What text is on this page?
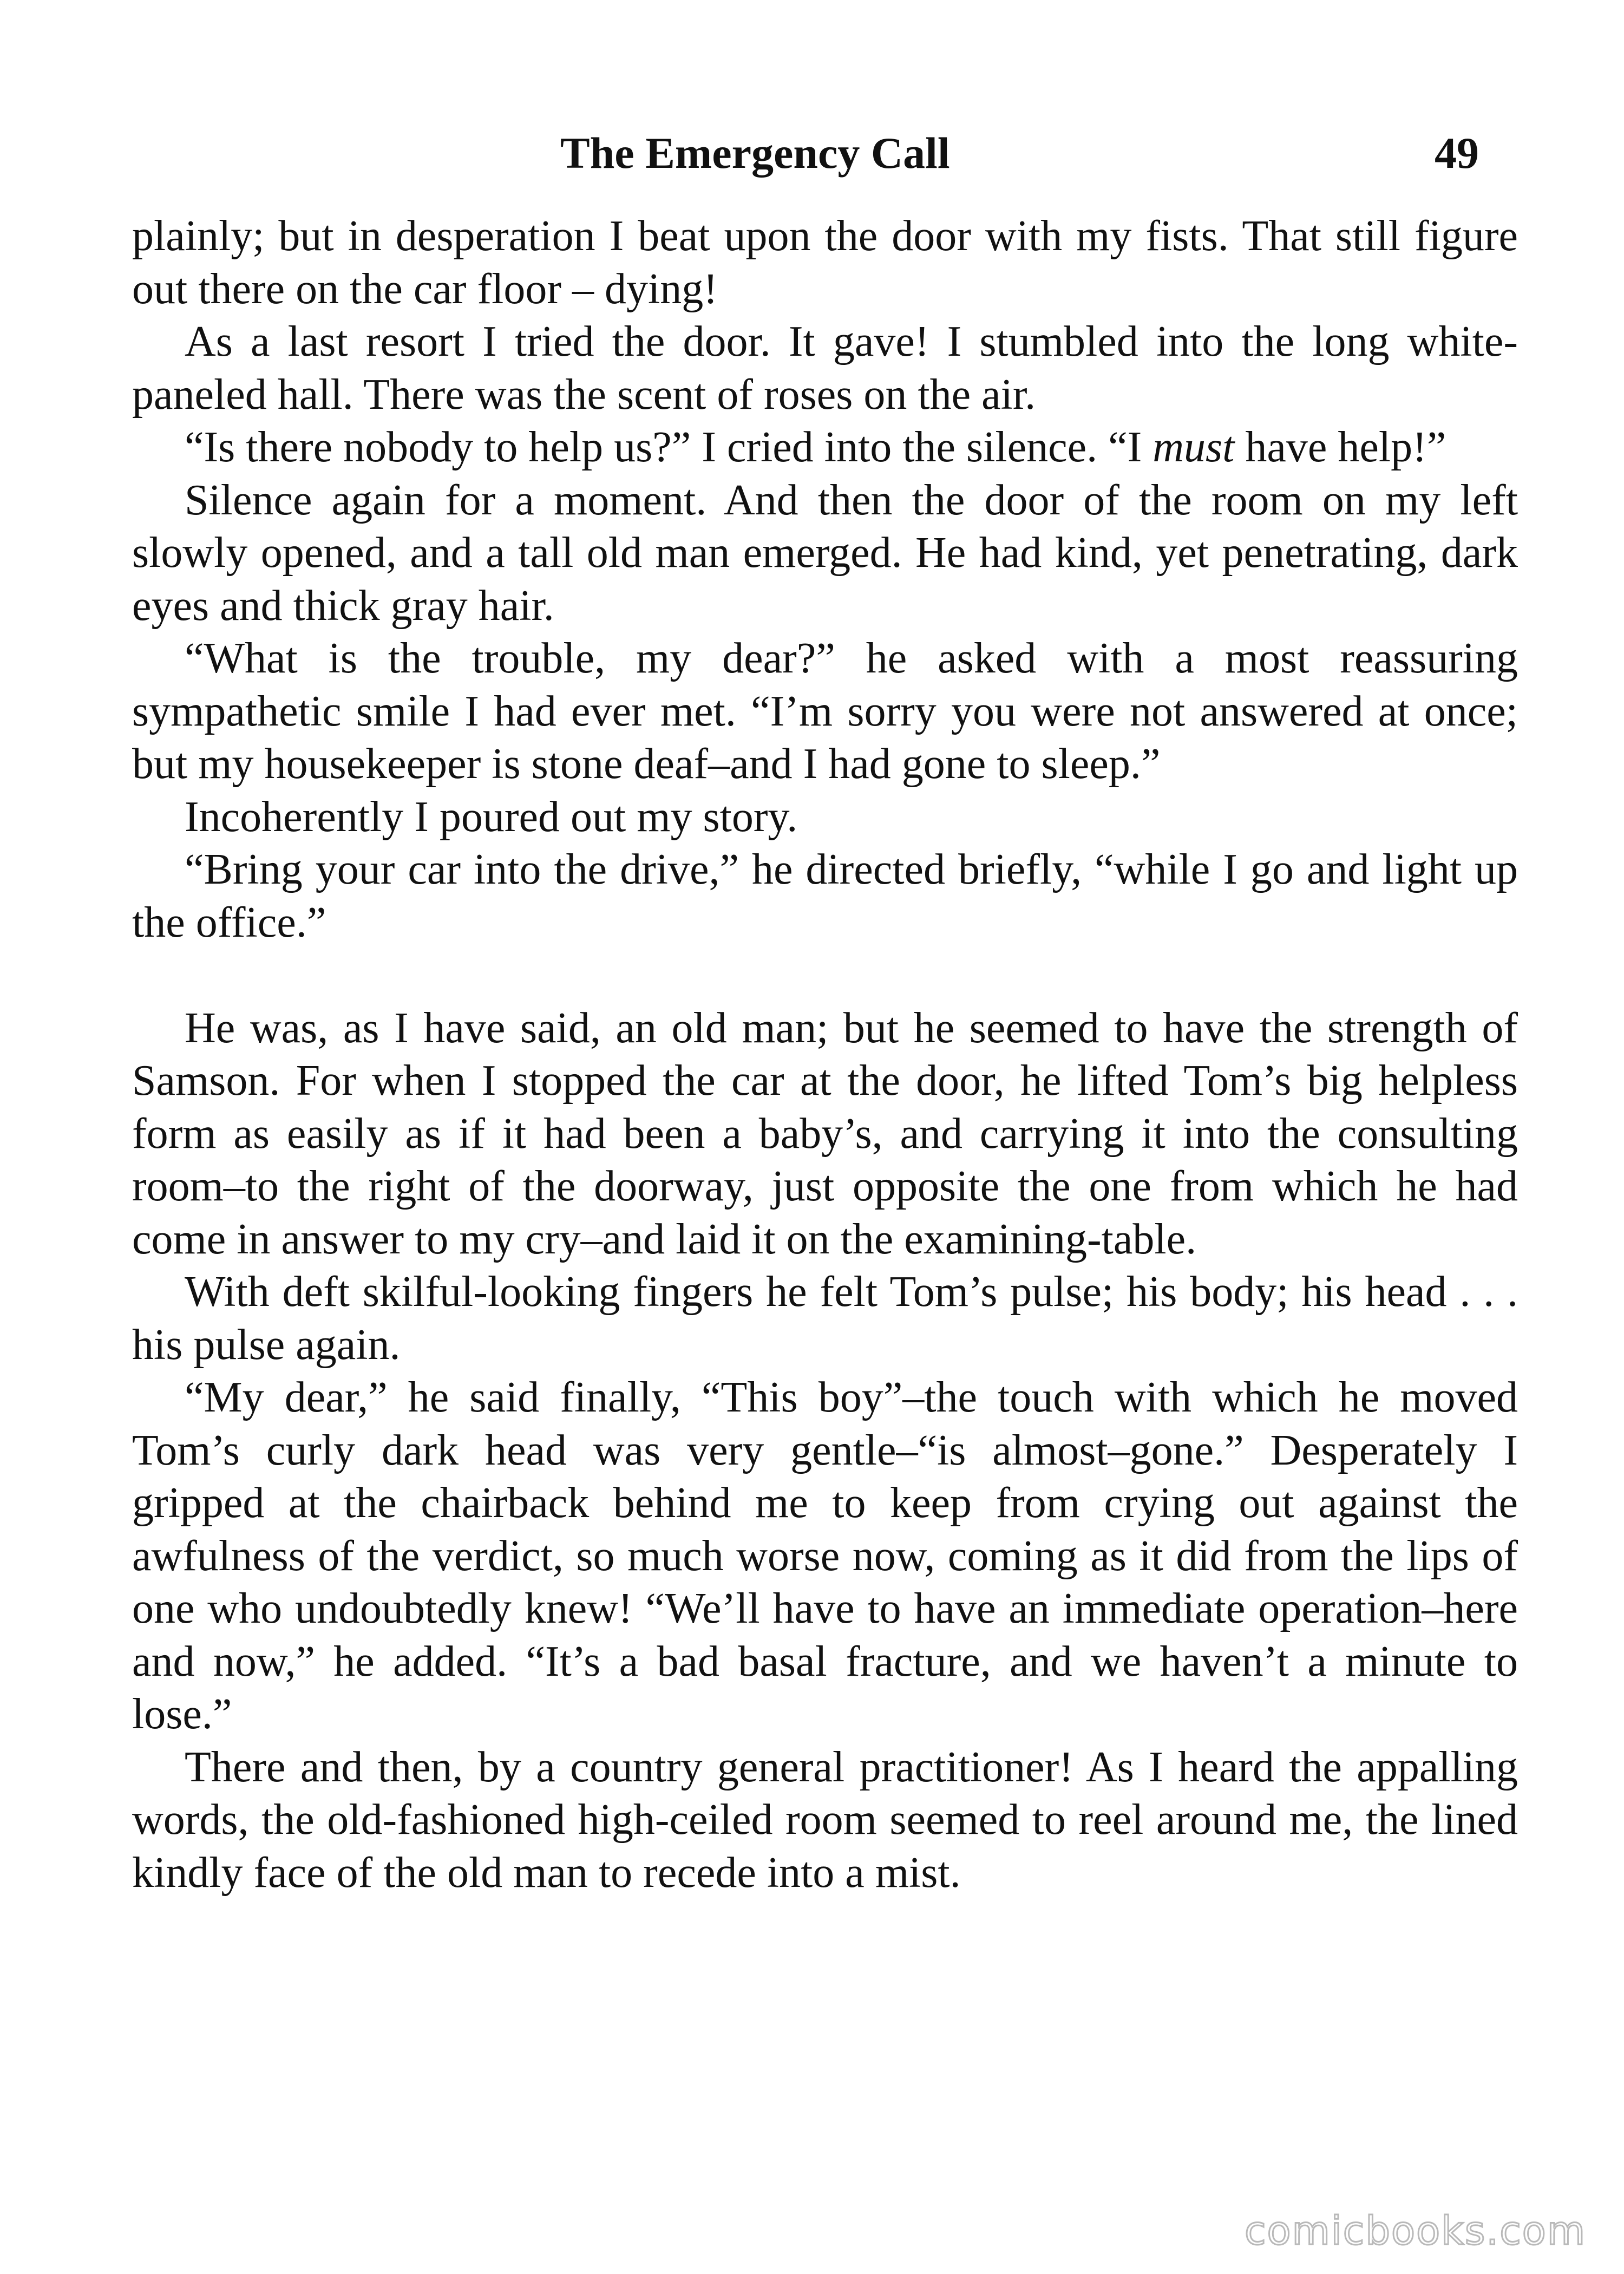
The Emergency Call	49

plainly; but in desperation I beat upon the door with my fists. That still figure out there on the car floor – dying!

As a last resort I tried the door. It gave! I stumbled into the long white-paneled hall. There was the scent of roses on the air.

“Is there nobody to help us?” I cried into the silence. “I must have help!”

Silence again for a moment. And then the door of the room on my left slowly opened, and a tall old man emerged. He had kind, yet penetrating, dark eyes and thick gray hair.

“What is the trouble, my dear?” he asked with a most reassuring sympathetic smile I had ever met. “I’m sorry you were not answered at once; but my housekeeper is stone deaf–and I had gone to sleep.”

Incoherently I poured out my story.

“Bring your car into the drive,” he directed briefly, “while I go and light up the office.”

He was, as I have said, an old man; but he seemed to have the strength of Samson. For when I stopped the car at the door, he lifted Tom’s big helpless form as easily as if it had been a baby’s, and carrying it into the consulting room–to the right of the doorway, just opposite the one from which he had come in answer to my cry–and laid it on the examining-table.

With deft skilful-looking fingers he felt Tom’s pulse; his body; his head . . . his pulse again.

“My dear,” he said finally, “This boy”–the touch with which he moved Tom’s curly dark head was very gentle–“is almost–gone.” Desperately I gripped at the chairback behind me to keep from crying out against the awfulness of the verdict, so much worse now, coming as it did from the lips of one who undoubtedly knew! “We’ll have to have an immediate operation–here and now,” he added. “It’s a bad basal fracture, and we haven’t a minute to lose.”

There and then, by a country general practitioner! As I heard the appalling words, the old-fashioned high-ceiled room seemed to reel around me, the lined kindly face of the old man to recede into a mist.

comicbooks.com
